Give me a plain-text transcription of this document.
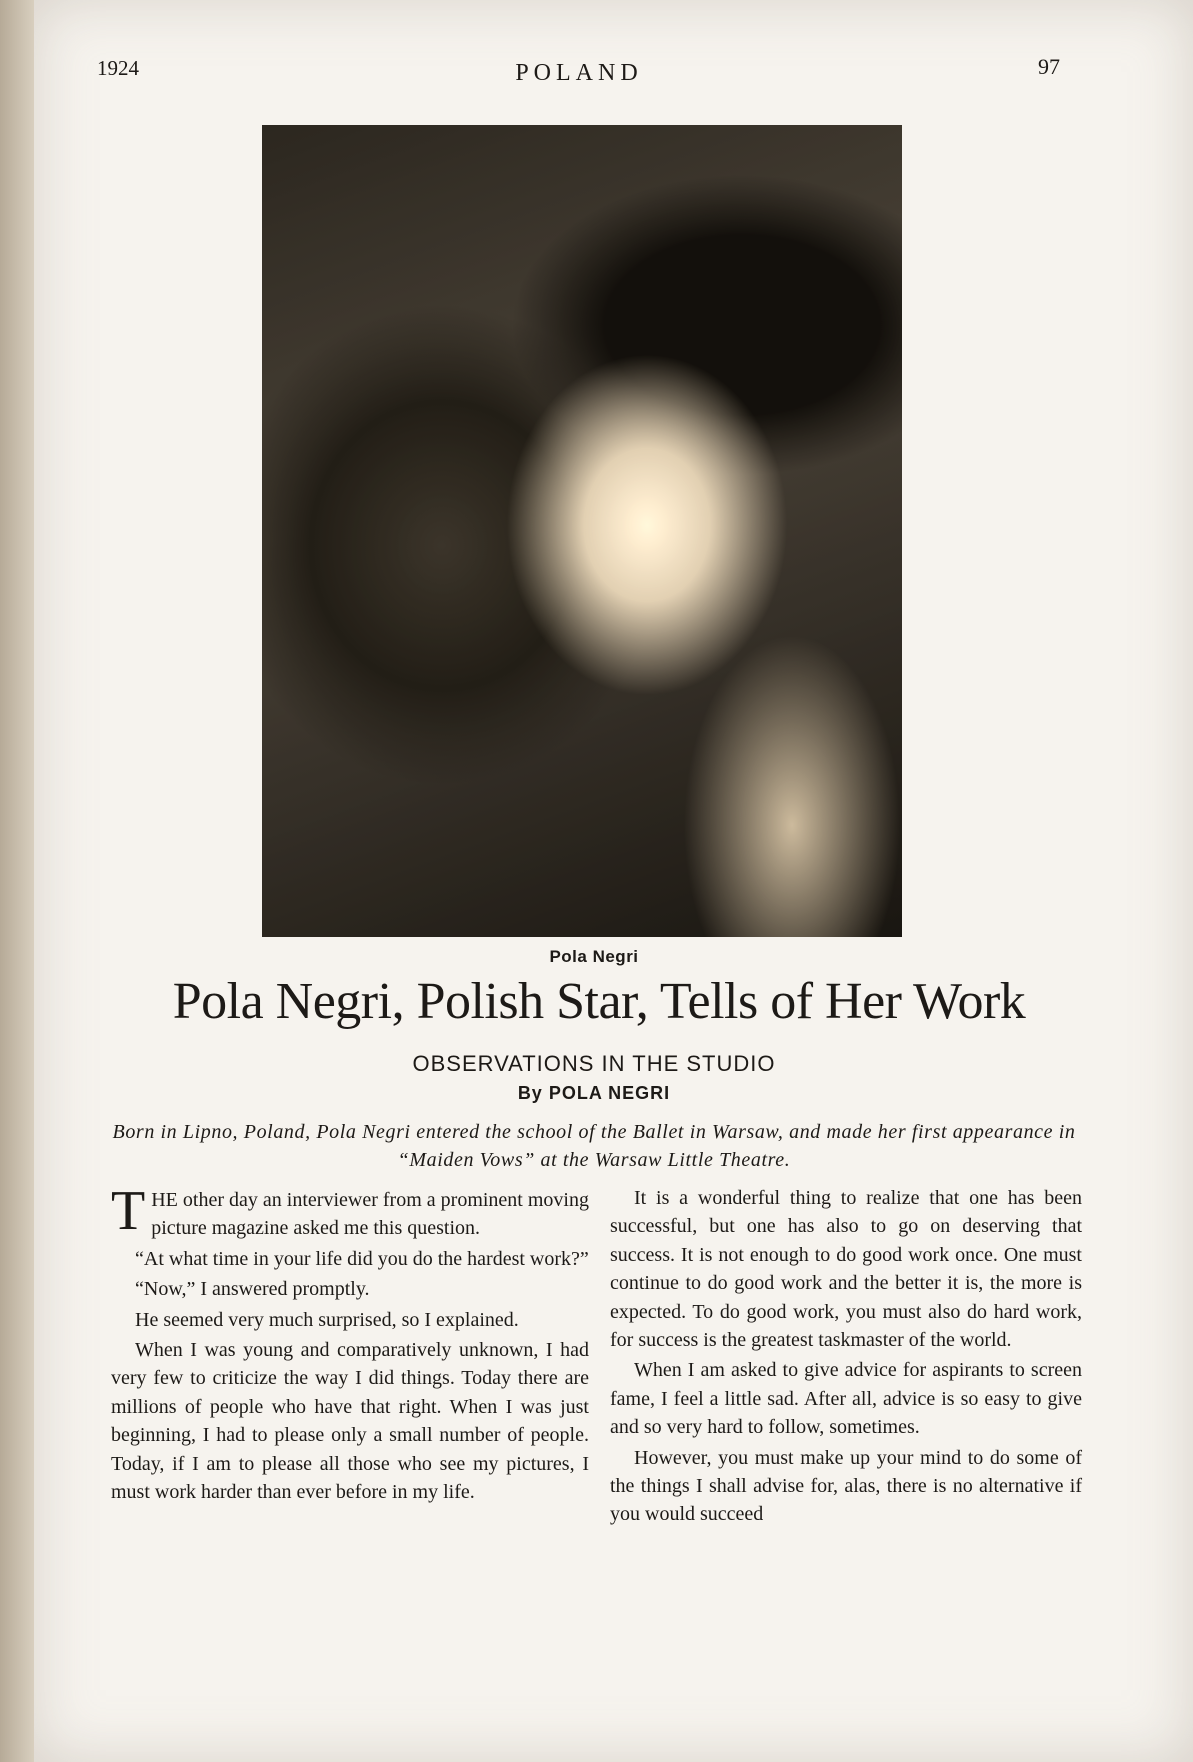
1924	POLAND	97
Pola Negri
Pola Negri, Polish Star, Tells of Her Work
OBSERVATIONS IN THE STUDIO
By POLA NEGRI
Born in Lipno, Poland, Pola Negri entered the school of the Ballet in Warsaw, and made her first appearance in “Maiden Vows” at the Warsaw Little Theatre.

THE other day an interviewer from a prominent moving picture magazine asked me this question.

“At what time in your life did you do the hardest work?”

“Now,” I answered promptly.

He seemed very much surprised, so I explained.

When I was young and comparatively unknown, I had very few to criticize the way I did things. Today there are millions of people who have that right. When I was just beginning, I had to please only a small number of people. Today, if I am to please all those who see my pictures, I must work harder than ever before in my life.

It is a wonderful thing to realize that one has been successful, but one has also to go on deserving that success. It is not enough to do good work once. One must continue to do good work and the better it is, the more is expected. To do good work, you must also do hard work, for success is the greatest taskmaster of the world.

When I am asked to give advice for aspirants to screen fame, I feel a little sad. After all, advice is so easy to give and so very hard to follow, sometimes.

However, you must make up your mind to do some of the things I shall advise for, alas, there is no alternative if you would succeed
